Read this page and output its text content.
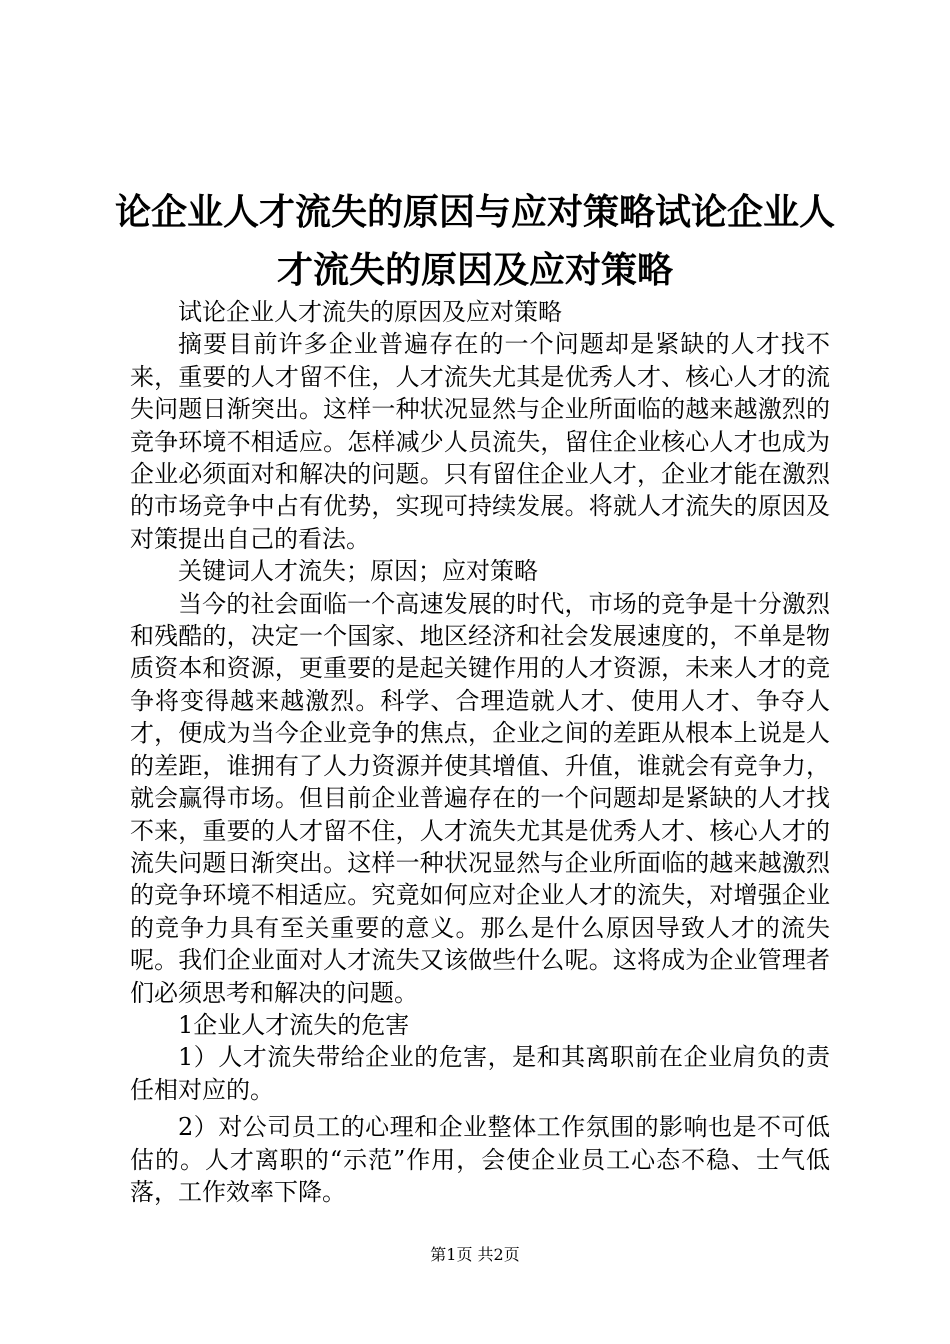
论企业人才流失的原因与应对策略试论企业人才流失的原因及应对策略

试论企业人才流失的原因及应对策略

摘要目前许多企业普遍存在的一个问题却是紧缺的人才找不来，重要的人才留不住，人才流失尤其是优秀人才、核心人才的流失问题日渐突出。这样一种状况显然与企业所面临的越来越激烈的竞争环境不相适应。怎样减少人员流失，留住企业核心人才也成为企业必须面对和解决的问题。只有留住企业人才，企业才能在激烈的市场竞争中占有优势，实现可持续发展。将就人才流失的原因及对策提出自己的看法。

关键词人才流失；原因；应对策略

当今的社会面临一个高速发展的时代，市场的竞争是十分激烈和残酷的，决定一个国家、地区经济和社会发展速度的，不单是物质资本和资源，更重要的是起关键作用的人才资源，未来人才的竞争将变得越来越激烈。科学、合理造就人才、使用人才、争夺人才，便成为当今企业竞争的焦点，企业之间的差距从根本上说是人的差距，谁拥有了人力资源并使其增值、升值，谁就会有竞争力，就会赢得市场。但目前企业普遍存在的一个问题却是紧缺的人才找不来，重要的人才留不住，人才流失尤其是优秀人才、核心人才的流失问题日渐突出。这样一种状况显然与企业所面临的越来越激烈的竞争环境不相适应。究竟如何应对企业人才的流失，对增强企业的竞争力具有至关重要的意义。那么是什么原因导致人才的流失呢。我们企业面对人才流失又该做些什么呢。这将成为企业管理者们必须思考和解决的问题。

1企业人才流失的危害

1）人才流失带给企业的危害，是和其离职前在企业肩负的责任相对应的。

2）对公司员工的心理和企业整体工作氛围的影响也是不可低估的。人才离职的“示范”作用，会使企业员工心态不稳、士气低落，工作效率下降。

第1页 共2页
